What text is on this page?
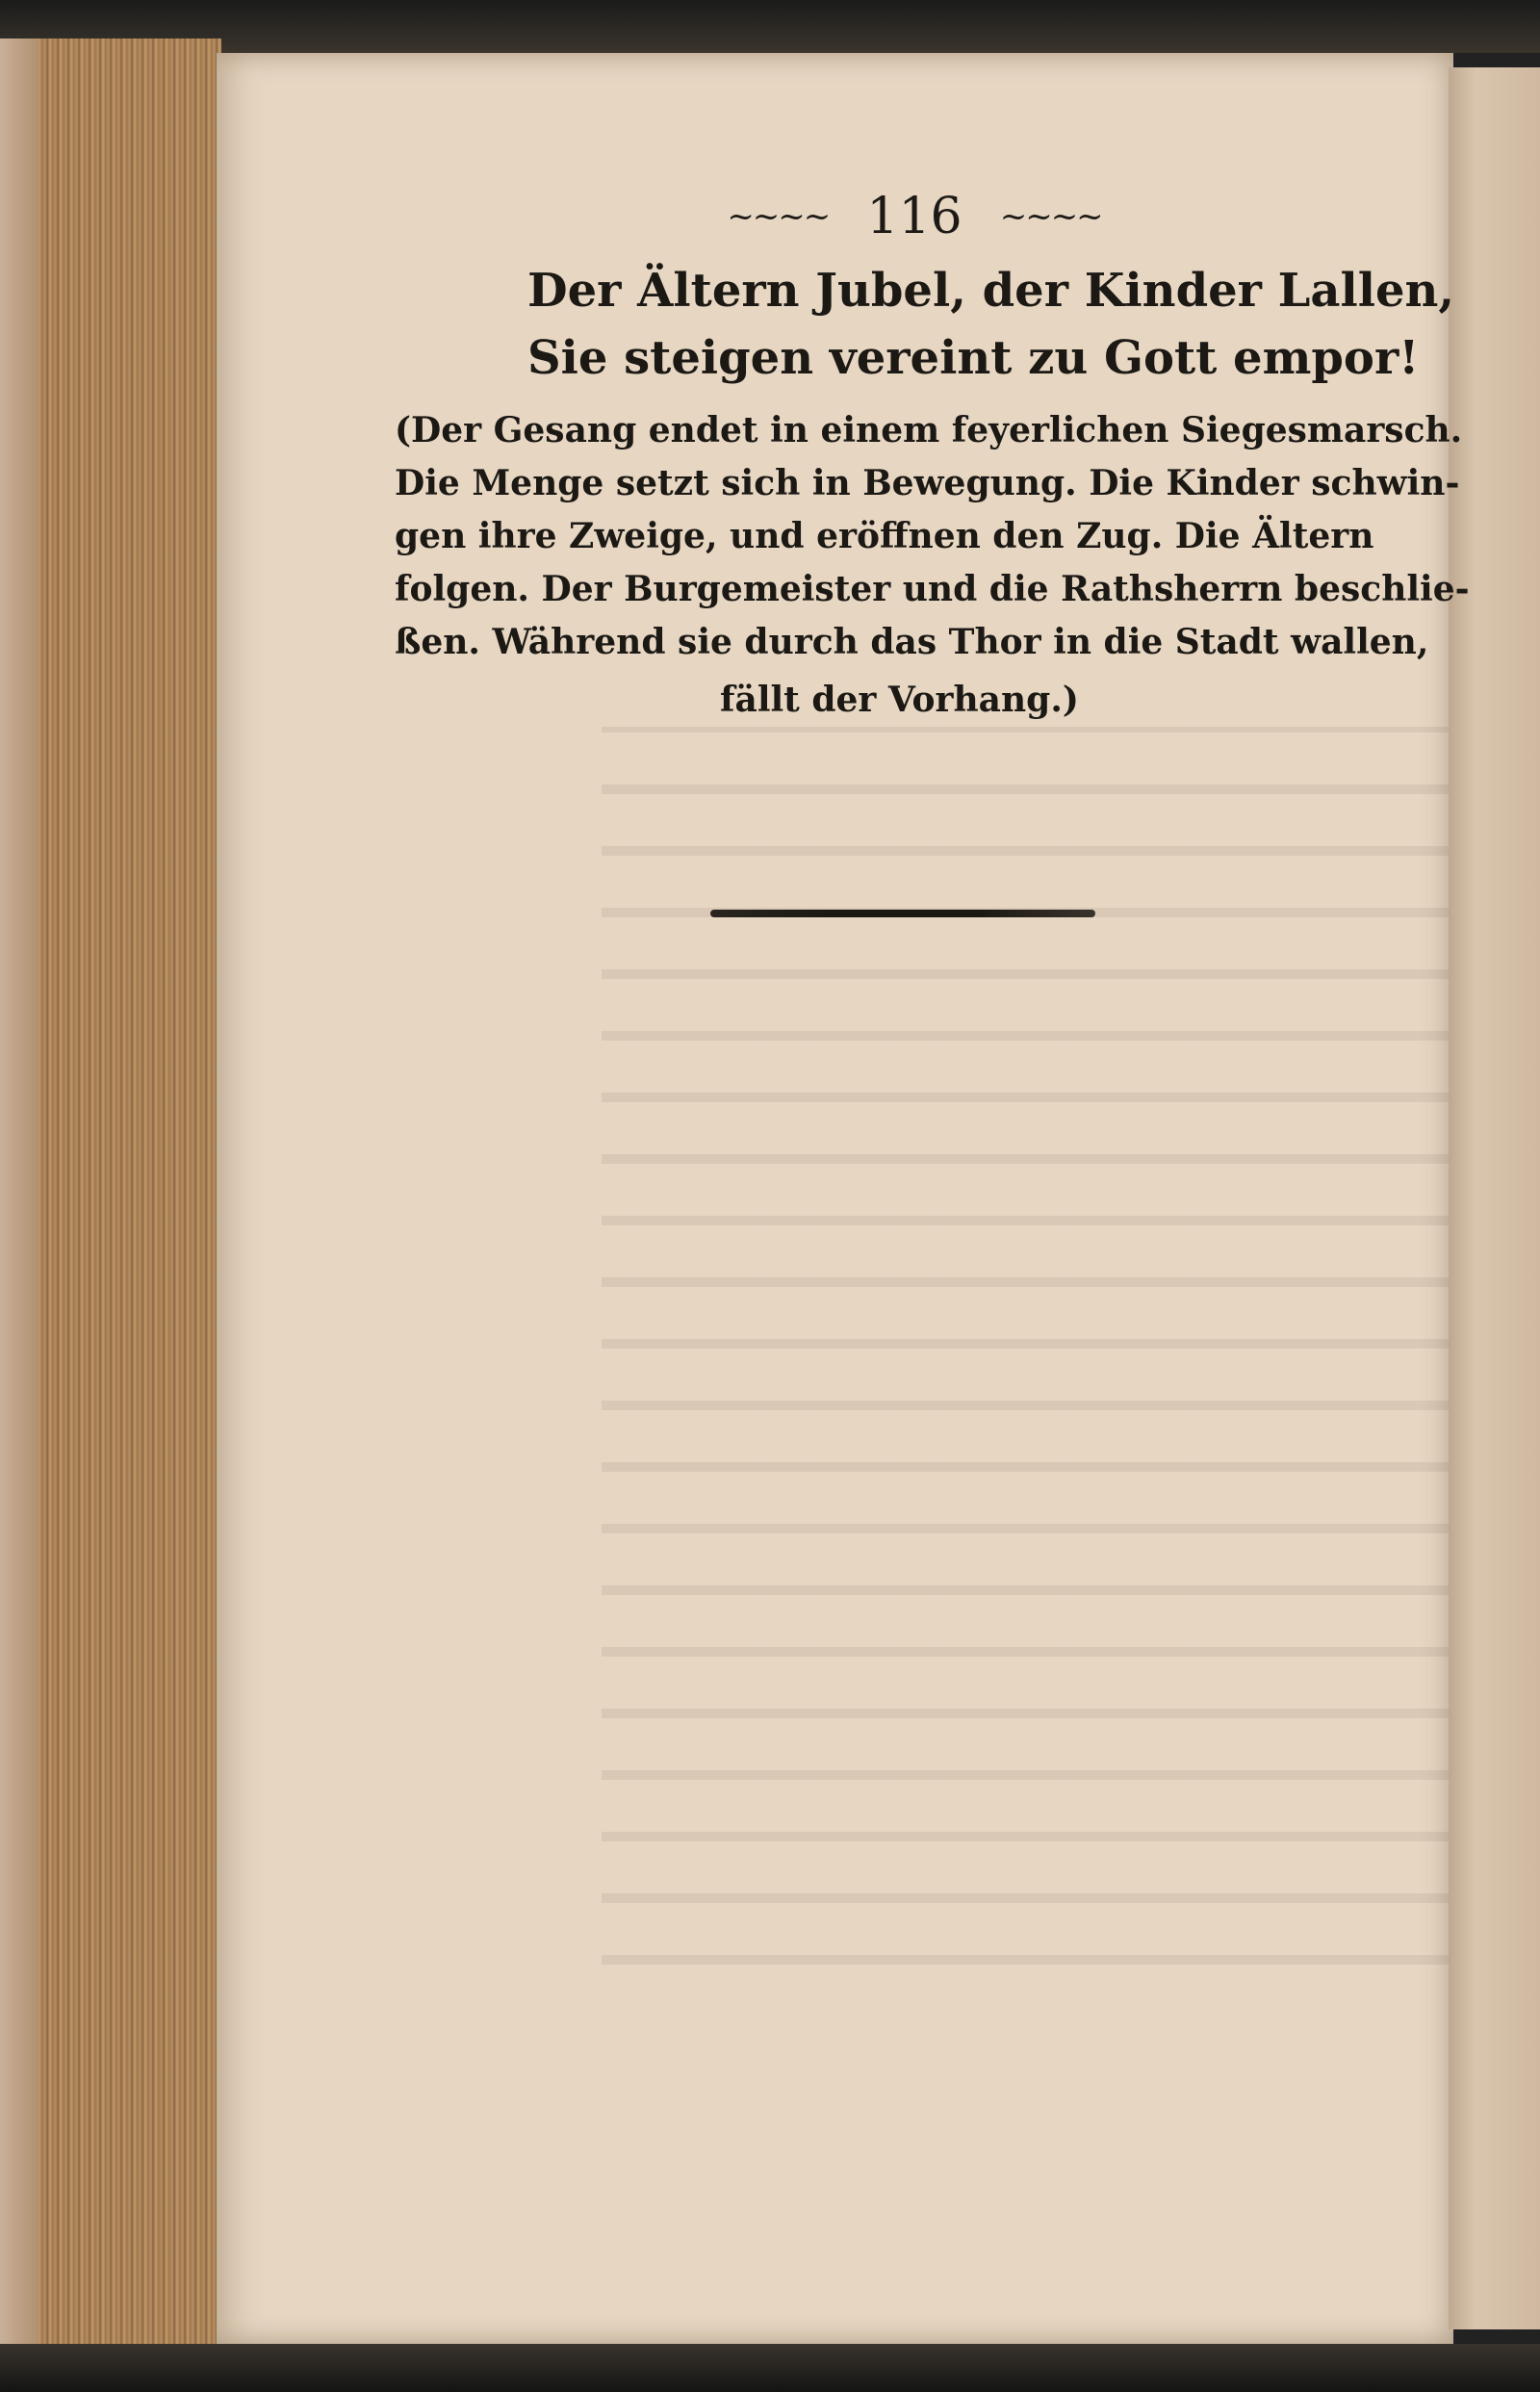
~~~~ 116 ~~~~
Der Ältern Jubel, der Kinder Lallen,
Sie steigen vereint zu Gott empor!
(Der Gesang endet in einem feyerlichen Siegesmarsch.
Die Menge setzt sich in Bewegung. Die Kinder schwin-
gen ihre Zweige, und eröffnen den Zug. Die Ältern
folgen. Der Burgemeister und die Rathsherrn beschlie-
ßen. Während sie durch das Thor in die Stadt wallen,
fällt der Vorhang.)
